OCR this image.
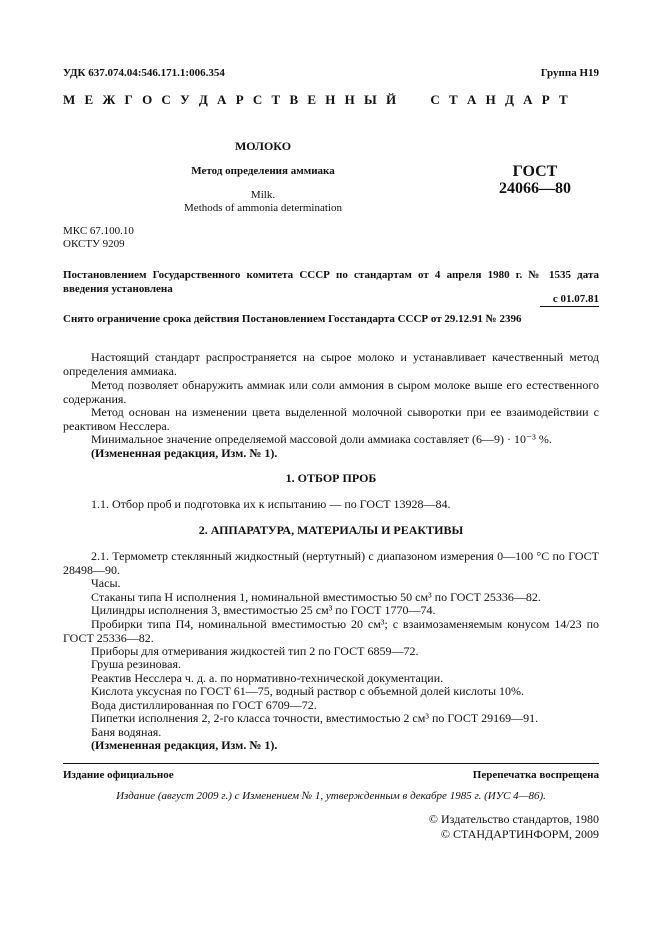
УДК 637.074.04:546.171.1:006.354	Группа Н19
М Е Ж Г О С У Д А Р С Т В Е Н Н Ы Й     С Т А Н Д А Р Т
МОЛОКО
Метод определения аммиака
Milk.
Methods of ammonia determination
ГОСТ
24066—80
МКС 67.100.10
ОКСТУ 9209
Постановлением Государственного комитета СССР по стандартам от 4 апреля 1980 г. № 1535 дата введения установлена
с 01.07.81
Снято ограничение срока действия Постановлением Госстандарта СССР от 29.12.91 № 2396
Настоящий стандарт распространяется на сырое молоко и устанавливает качественный метод определения аммиака.
Метод позволяет обнаружить аммиак или соли аммония в сыром молоке выше его естественного содержания.
Метод основан на изменении цвета выделенной молочной сыворотки при ее взаимодействии с реактивом Несслера.
Минимальное значение определяемой массовой доли аммиака составляет (6—9) · 10⁻³ %.
(Измененная редакция, Изм. № 1).
1. ОТБОР ПРОБ
1.1. Отбор проб и подготовка их к испытанию — по ГОСТ 13928—84.
2. АППАРАТУРА, МАТЕРИАЛЫ И РЕАКТИВЫ
2.1. Термометр стеклянный жидкостный (нертутный) с диапазоном измерения 0—100 °С по ГОСТ 28498—90.
Часы.
Стаканы типа Н исполнения 1, номинальной вместимостью 50 см³ по ГОСТ 25336—82.
Цилиндры исполнения 3, вместимостью 25 см³ по ГОСТ 1770—74.
Пробирки типа П4, номинальной вместимостью 20 см³; с взаимозаменяемым конусом 14/23 по ГОСТ 25336—82.
Приборы для отмеривания жидкостей тип 2 по ГОСТ 6859—72.
Груша резиновая.
Реактив Несслера ч. д. а. по нормативно-технической документации.
Кислота уксусная по ГОСТ 61—75, водный раствор с объемной долей кислоты 10%.
Вода дистиллированная по ГОСТ 6709—72.
Пипетки исполнения 2, 2-го класса точности, вместимостью 2 см³ по ГОСТ 29169—91.
Баня водяная.
(Измененная редакция, Изм. № 1).
Издание официальное	Перепечатка воспрещена
Издание (август 2009 г.) с Изменением № 1, утвержденным в декабре 1985 г. (ИУС 4—86).
© Издательство стандартов, 1980
© СТАНДАРТИНФОРМ, 2009
